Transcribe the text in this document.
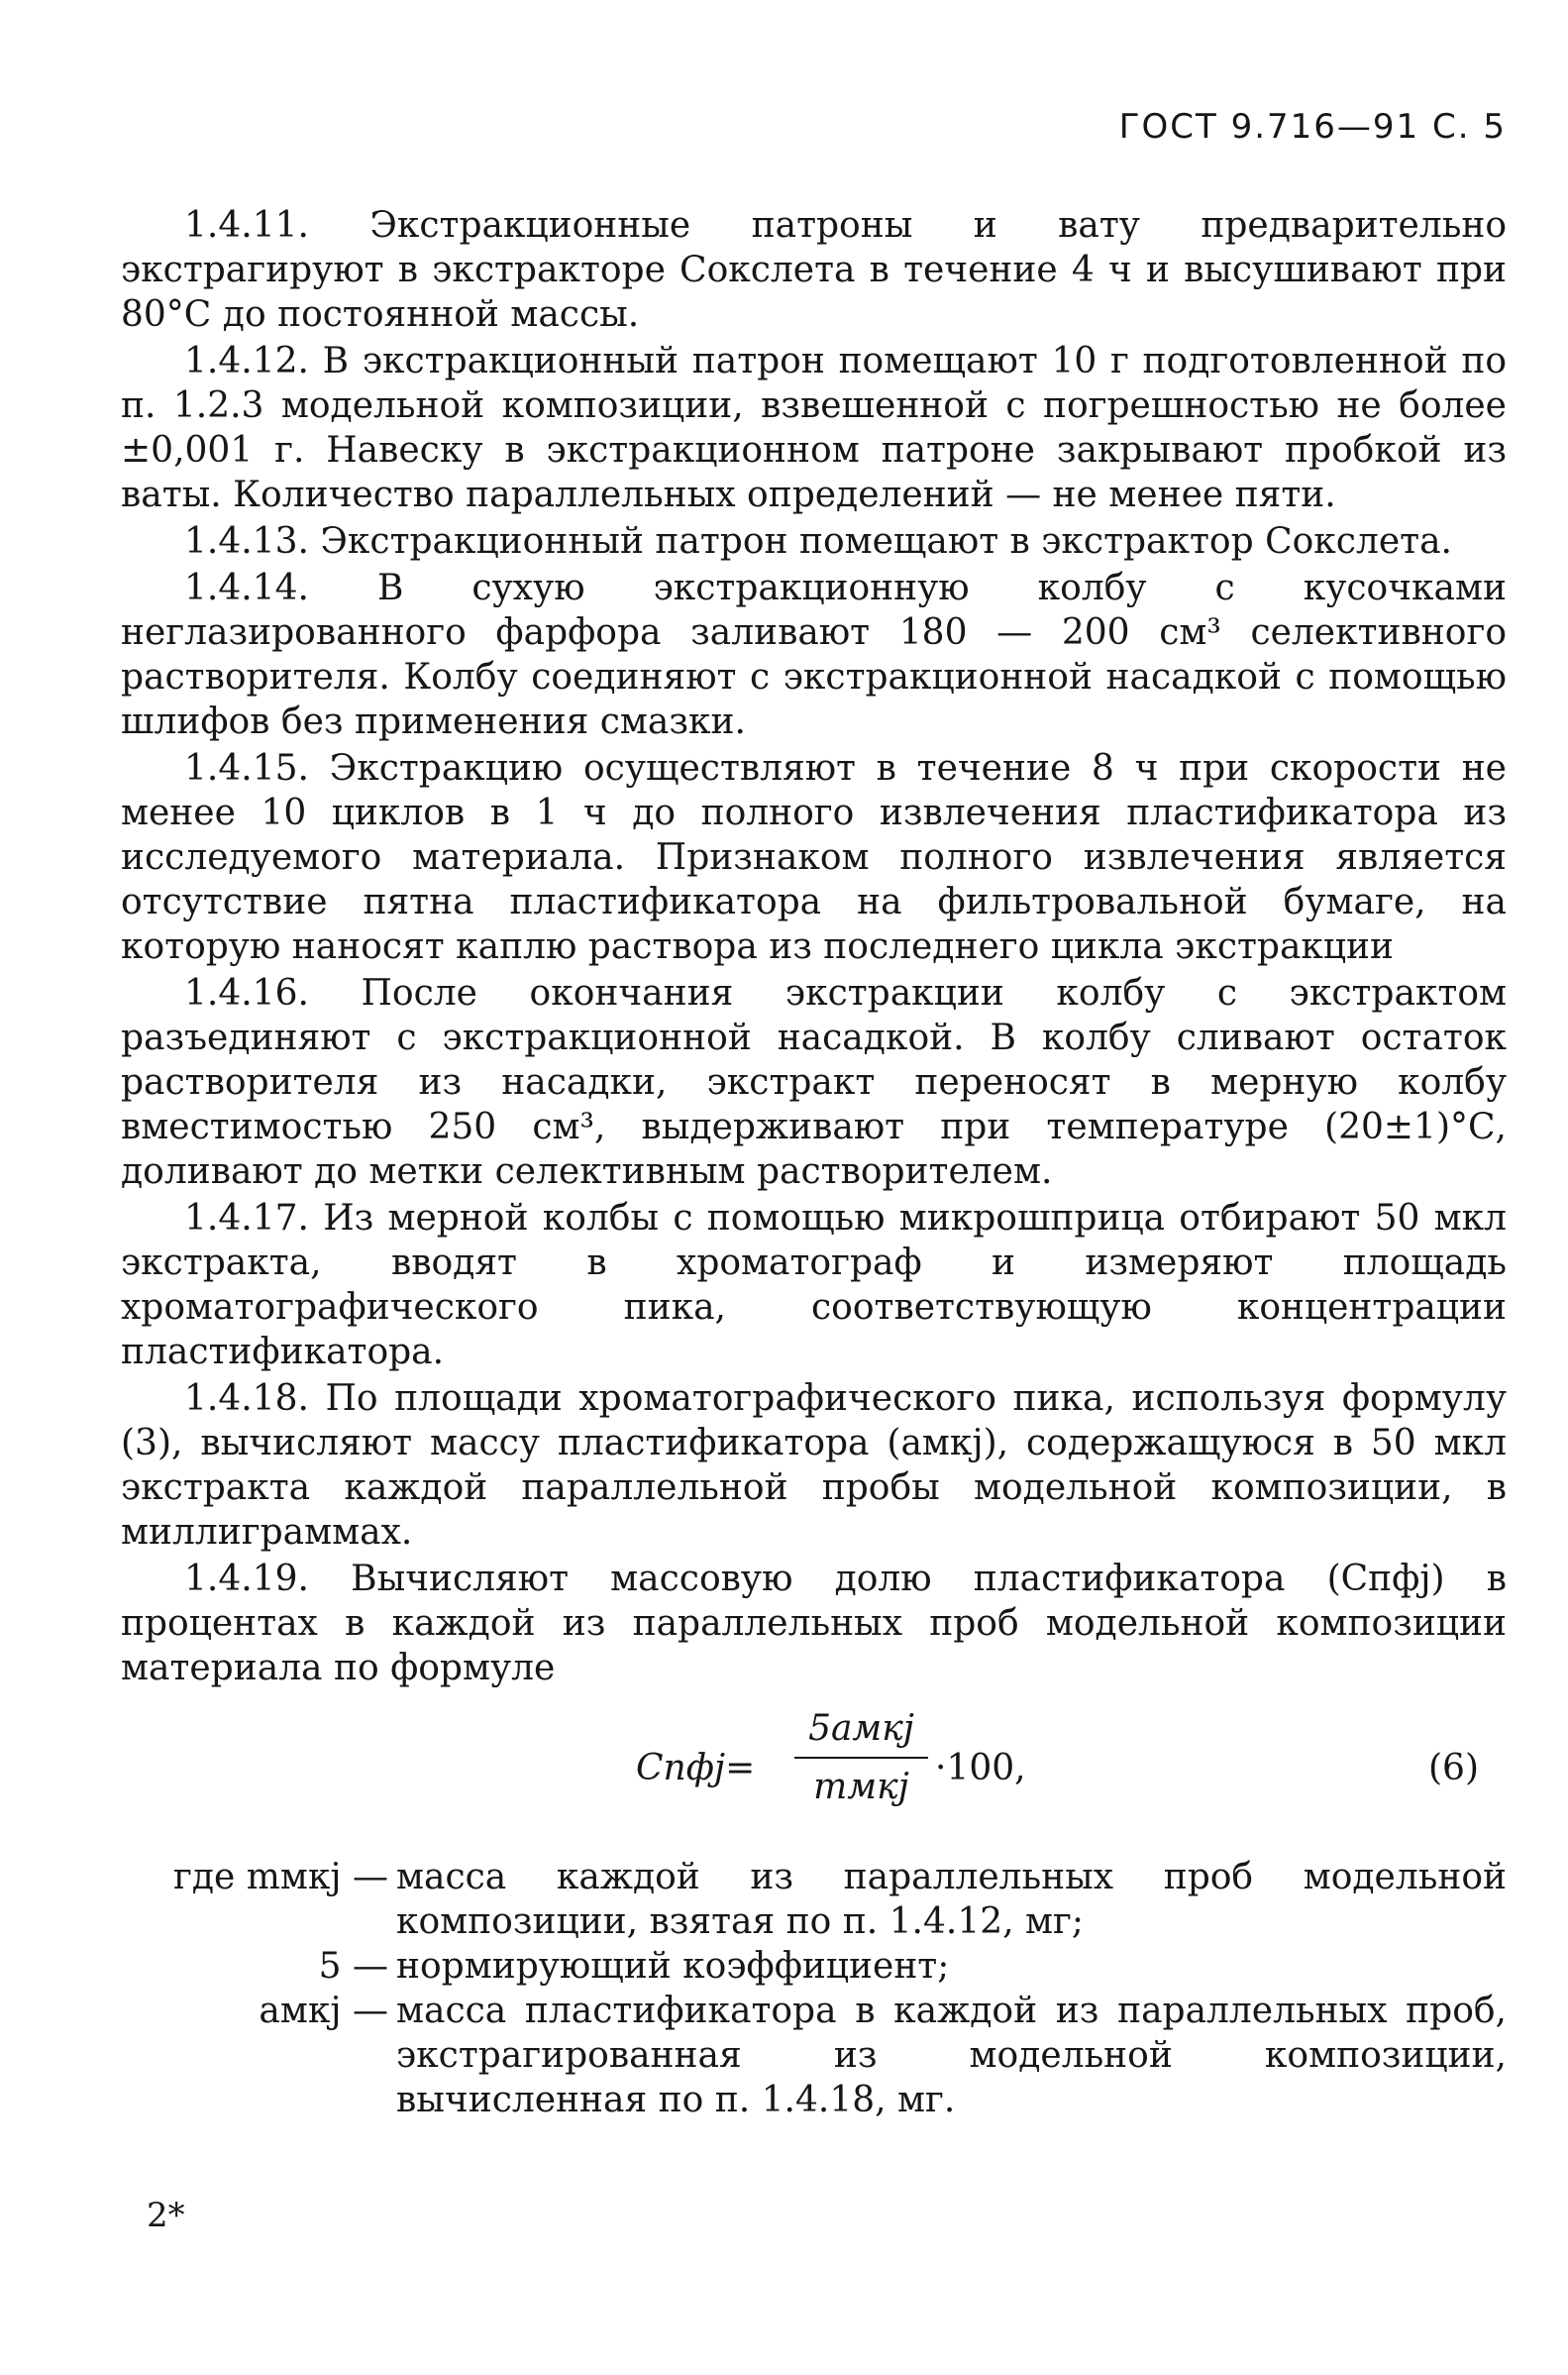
ГОСТ 9.716—91 С. 5

1.4.11. Экстракционные патроны и вату предварительно экстрагируют в экстракторе Сокслета в течение 4 ч и высушивают при 80°С до постоянной массы.

1.4.12. В экстракционный патрон помещают 10 г подготовленной по п. 1.2.3 модельной композиции, взвешенной с погрешностью не более ±0,001 г. Навеску в экстракционном патроне закрывают пробкой из ваты. Количество параллельных определений — не менее пяти.

1.4.13. Экстракционный патрон помещают в экстрактор Сокслета.

1.4.14. В сухую экстракционную колбу с кусочками неглазированного фарфора заливают 180 — 200 см³ селективного растворителя. Колбу соединяют с экстракционной насадкой с помощью шлифов без применения смазки.

1.4.15. Экстракцию осуществляют в течение 8 ч при скорости не менее 10 циклов в 1 ч до полного извлечения пластификатора из исследуемого материала. Признаком полного извлечения является отсутствие пятна пластификатора на фильтровальной бумаге, на которую наносят каплю раствора из последнего цикла экстракции

1.4.16. После окончания экстракции колбу с экстрактом разъединяют с экстракционной насадкой. В колбу сливают остаток растворителя из насадки, экстракт переносят в мерную колбу вместимостью 250 см³, выдерживают при температуре (20±1)°С, доливают до метки селективным растворителем.

1.4.17. Из мерной колбы с помощью микрошприца отбирают 50 мкл экстракта, вводят в хроматограф и измеряют площадь хроматографического пика, соответствующую концентрации пластификатора.

1.4.18. По площади хроматографического пика, используя формулу (3), вычисляют массу пластификатора (aмкj), содержащуюся в 50 мкл экстракта каждой параллельной пробы модельной композиции, в миллиграммах.

1.4.19. Вычисляют массовую долю пластификатора (Cпфj) в процентах в каждой из параллельных проб модельной композиции материала по формуле

Cпфj=
5aмкj
mмкj ·100,	(6)
где mмкj — масса каждой из параллельных проб модельной композиции, взятая по п. 1.4.12, мг;
5 — нормирующий коэффициент;
aмкj — масса пластификатора в каждой из параллельных проб, экстрагированная из модельной композиции, вычисленная по п. 1.4.18, мг.
2*
